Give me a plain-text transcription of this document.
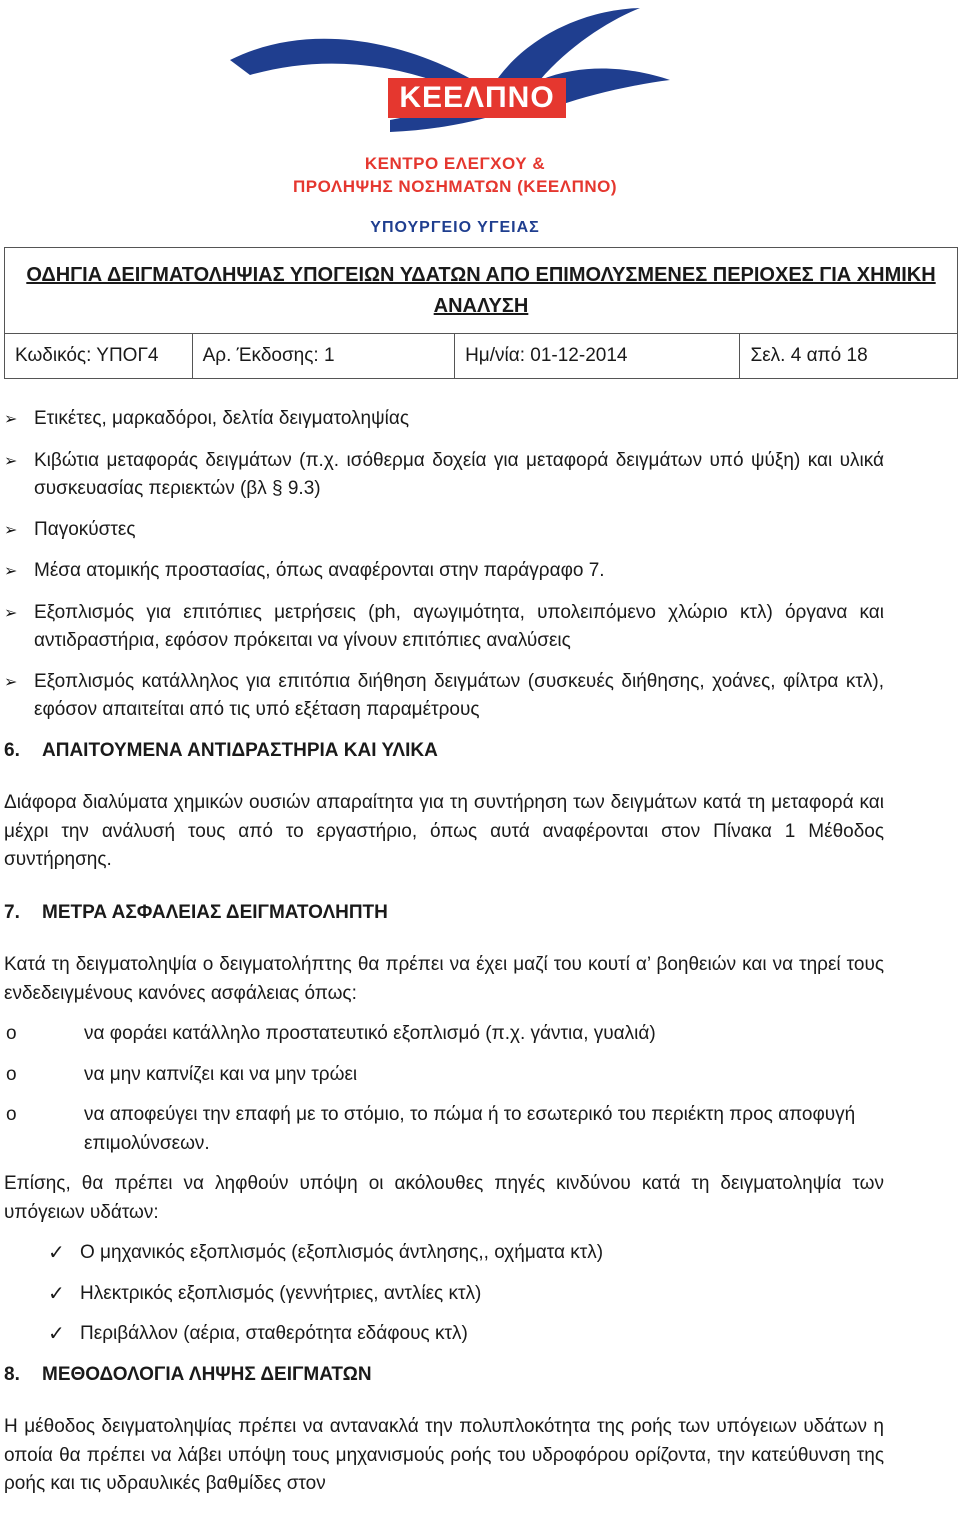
ΚΕΕΛΠΝΟ
ΚΕΝΤΡΟ ΕΛΕΓΧΟΥ &
ΠΡΟΛΗΨΗΣ ΝΟΣΗΜΑΤΩΝ (ΚΕΕΛΠΝΟ)
ΥΠΟΥΡΓΕΙΟ ΥΓΕΙΑΣ
ΟΔΗΓΙΑ ΔΕΙΓΜΑΤΟΛΗΨΙΑΣ ΥΠΟΓΕΙΩΝ ΥΔΑΤΩΝ ΑΠΟ ΕΠΙΜΟΛΥΣΜΕΝΕΣ ΠΕΡΙΟΧΕΣ ΓΙΑ ΧΗΜΙΚΗ ΑΝΑΛΥΣΗ
Κωδικός: ΥΠΟΓ4	Αρ. Έκδοσης: 1	Ημ/νία: 01-12-2014	Σελ. 4 από 18
➢ Ετικέτες, μαρκαδόροι, δελτία δειγματοληψίας
➢ Κιβώτια μεταφοράς δειγμάτων (π.χ. ισόθερμα δοχεία για μεταφορά δειγμάτων υπό ψύξη) και υλικά συσκευασίας περιεκτών (βλ § 9.3)
➢ Παγοκύστες
➢ Μέσα ατομικής προστασίας, όπως αναφέρονται στην παράγραφο 7.
➢ Εξοπλισμός για επιτόπιες μετρήσεις (ph, αγωγιμότητα, υπολειπόμενο χλώριο κτλ) όργανα και αντιδραστήρια, εφόσον πρόκειται να γίνουν επιτόπιες αναλύσεις
➢ Εξοπλισμός κατάλληλος για επιτόπια διήθηση δειγμάτων (συσκευές διήθησης, χοάνες, φίλτρα κτλ), εφόσον απαιτείται από τις υπό εξέταση παραμέτρους
6. ΑΠΑΙΤΟΥΜΕΝΑ ΑΝΤΙΔΡΑΣΤΗΡΙΑ ΚΑΙ ΥΛΙΚΑ
Διάφορα διαλύματα χημικών ουσιών απαραίτητα για τη συντήρηση των δειγμάτων κατά τη μεταφορά και μέχρι την ανάλυσή τους από το εργαστήριο, όπως αυτά αναφέρονται στον Πίνακα 1 Μέθοδος συντήρησης.
7. ΜΕΤΡΑ ΑΣΦΑΛΕΙΑΣ ΔΕΙΓΜΑΤΟΛΗΠΤΗ
Κατά τη δειγματοληψία ο δειγματολήπτης θα πρέπει να έχει μαζί του κουτί α’ βοηθειών και να τηρεί τους ενδεδειγμένους κανόνες ασφάλειας όπως:
o	να φοράει κατάλληλο προστατευτικό εξοπλισμό (π.χ. γάντια, γυαλιά)
o	να μην καπνίζει και να μην τρώει
o	να αποφεύγει την επαφή με το στόμιο, το πώμα ή το εσωτερικό του περιέκτη προς αποφυγή επιμολύνσεων.
Επίσης, θα πρέπει να ληφθούν υπόψη οι ακόλουθες πηγές κινδύνου κατά τη δειγματοληψία των υπόγειων υδάτων:
✓ Ο μηχανικός εξοπλισμός (εξοπλισμός άντλησης,, οχήματα κτλ)
✓ Ηλεκτρικός εξοπλισμός (γεννήτριες, αντλίες κτλ)
✓ Περιβάλλον (αέρια, σταθερότητα εδάφους κτλ)
8. ΜΕΘΟΔΟΛΟΓΙΑ ΛΗΨΗΣ ΔΕΙΓΜΑΤΩΝ
Η μέθοδος δειγματοληψίας πρέπει να αντανακλά την πολυπλοκότητα της ροής των υπόγειων υδάτων η οποία θα πρέπει να λάβει υπόψη τους μηχανισμούς ροής του υδροφόρου ορίζοντα, την κατεύθυνση της ροής και τις υδραυλικές βαθμίδες στον
